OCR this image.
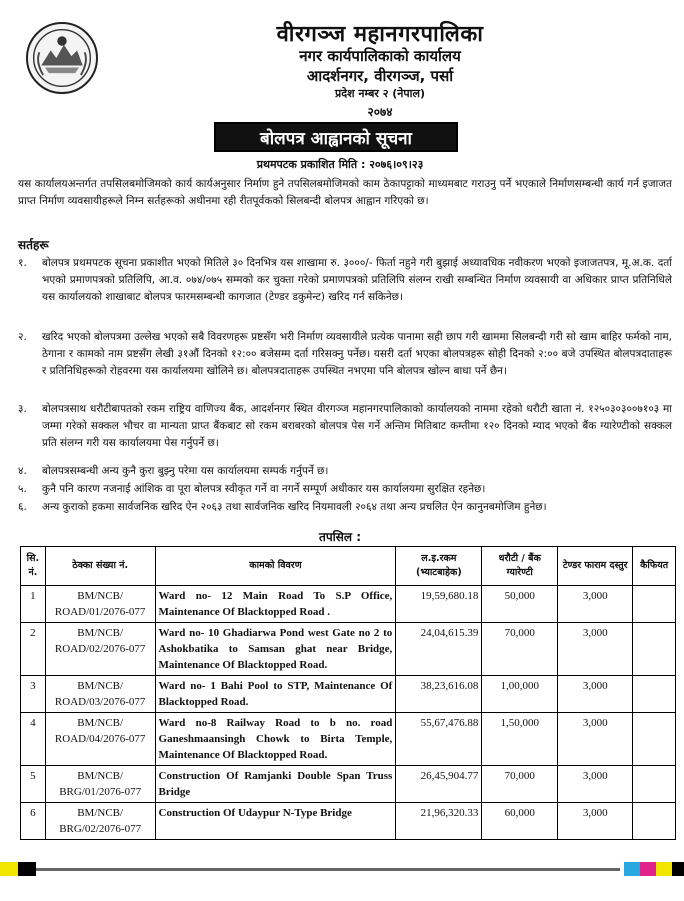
वीरगञ्ज महानगरपालिका
नगर कार्यपालिकाको कार्यालय
आदर्शनगर, वीरगञ्ज, पर्सा
प्रदेश नम्बर २ (नेपाल)
२०७४
बोलपत्र आह्वानको सूचना
प्रथमपटक प्रकाशित मिति : २०७६।०९।२३
यस कार्यालयअन्तर्गत तपसिलबमोजिमको कार्य कार्यअनुसार निर्माण हुने तपसिलबमोजिमको काम ठेकापट्टाको माध्यमबाट गराउनु पर्ने भएकाले निर्माणसम्बन्धी कार्य गर्न इजाजत प्राप्त निर्माण व्यवसायीहरूले निम्न सर्तहरूको अधीनमा रही रीतपूर्वकको सिलबन्दी बोलपत्र आह्वान गरिएको छ।
सर्तहरू
१.	बोलपत्र प्रथमपटक सूचना प्रकाशीत भएको मितिले ३० दिनभित्र यस शाखामा रु. ३०००/- फिर्ता नहुने गरी बुझाई अध्यावधिक नवीकरण भएको इजाजतपत्र, मू.अ.क. दर्ता भएको प्रमाणपत्रको प्रतिलिपि, आ.व. ०७४/०७५ सम्मको कर चुक्ता गरेको प्रमाणपत्रको प्रतिलिपि संलग्न राखी सम्बन्धित निर्माण व्यवसायी वा अधिकार प्राप्त प्रतिनिधिले यस कार्यालयको शाखाबाट बोलपत्र फारमसम्बन्धी कागजात (टेण्डर डकुमेन्ट) खरिद गर्न सकिनेछ।
२.	खरिद भएको बोलपत्रमा उल्लेख भएको सबै विवरणहरू प्रष्टसँग भरी निर्माण व्यवसायीले प्रत्येक पानामा सही छाप गरी खाममा सिलबन्दी गरी सो खाम बाहिर फर्मको नाम, ठेगाना र कामको नाम प्रष्टसँग लेखी ३१औं दिनको १२:०० बजेसम्म दर्ता गरिसक्नु पर्नेछ। यसरी दर्ता भएका बोलपत्रहरू सोही दिनको २:०० बजे उपस्थित बोलपत्रदाताहरू र प्रतिनिधिहरूको रोहवरमा यस कार्यालयमा खोलिने छ। बोलपत्रदाताहरू उपस्थित नभएमा पनि बोलपत्र खोल्न बाधा पर्ने छैन।
३.	बोलपत्रसाथ धरौटीबापतको रकम राष्ट्रिय वाणिज्य बैंक, आदर्शनगर स्थित वीरगञ्ज महानगरपालिकाको कार्यालयको नाममा रहेको धरौटी खाता नं. १२५०३०३००७१०३ मा जम्मा गरेको सक्कल भौचर वा मान्यता प्राप्त बैंकबाट सो रकम बराबरको बोलपत्र पेस गर्ने अन्तिम मितिबाट कम्तीमा १२० दिनको म्याद भएको बैंक ग्यारेण्टीको सक्कल प्रति संलग्न गरी यस कार्यालयमा पेस गर्नुपर्ने छ।
४.	बोलपत्रसम्बन्धी अन्य कुनै कुरा बुझ्नु परेमा यस कार्यालयमा सम्पर्क गर्नुपर्ने छ।
५.	कुनै पनि कारण नजनाई आंशिक वा पूरा बोलपत्र स्वीकृत गर्ने वा नगर्ने सम्पूर्ण अधीकार यस कार्यालयमा सुरक्षित रहनेछ।
६.	अन्य कुराको हकमा सार्वजनिक खरिद ऐन २०६३ तथा सार्वजनिक खरिद नियमावली २०६४ तथा अन्य प्रचलित ऐन कानुनबमोजिम हुनेछ।
तपसिल :
सि. नं.	ठेक्का संख्या नं.	कामको विवरण	ल.इ.रकम (भ्याटबाहेक)	धरौटी / बैंक ग्यारेण्टी	टेण्डर फाराम दस्तुर	कैफियत
1	BM/NCB/ ROAD/01/2076-077	Ward no- 12 Main Road To S.P Office, Maintenance Of Blacktopped Road .	19,59,680.18	50,000	3,000	
2	BM/NCB/ ROAD/02/2076-077	Ward no- 10 Ghadiarwa Pond west Gate no 2 to Ashokbatika to Samsan ghat near Bridge, Maintenance Of Blacktopped Road.	24,04,615.39	70,000	3,000	
3	BM/NCB/ ROAD/03/2076-077	Ward no- 1 Bahi Pool to STP, Maintenance Of Blacktopped Road.	38,23,616.08	1,00,000	3,000	
4	BM/NCB/ ROAD/04/2076-077	Ward no-8 Railway Road to b no. road Ganeshmaansingh Chowk to Birta Temple, Maintenance Of Blacktopped Road.	55,67,476.88	1,50,000	3,000	
5	BM/NCB/ BRG/01/2076-077	Construction Of Ramjanki Double Span Truss Bridge	26,45,904.77	70,000	3,000	
6	BM/NCB/ BRG/02/2076-077	Construction Of Udaypur N-Type Bridge	21,96,320.33	60,000	3,000	
